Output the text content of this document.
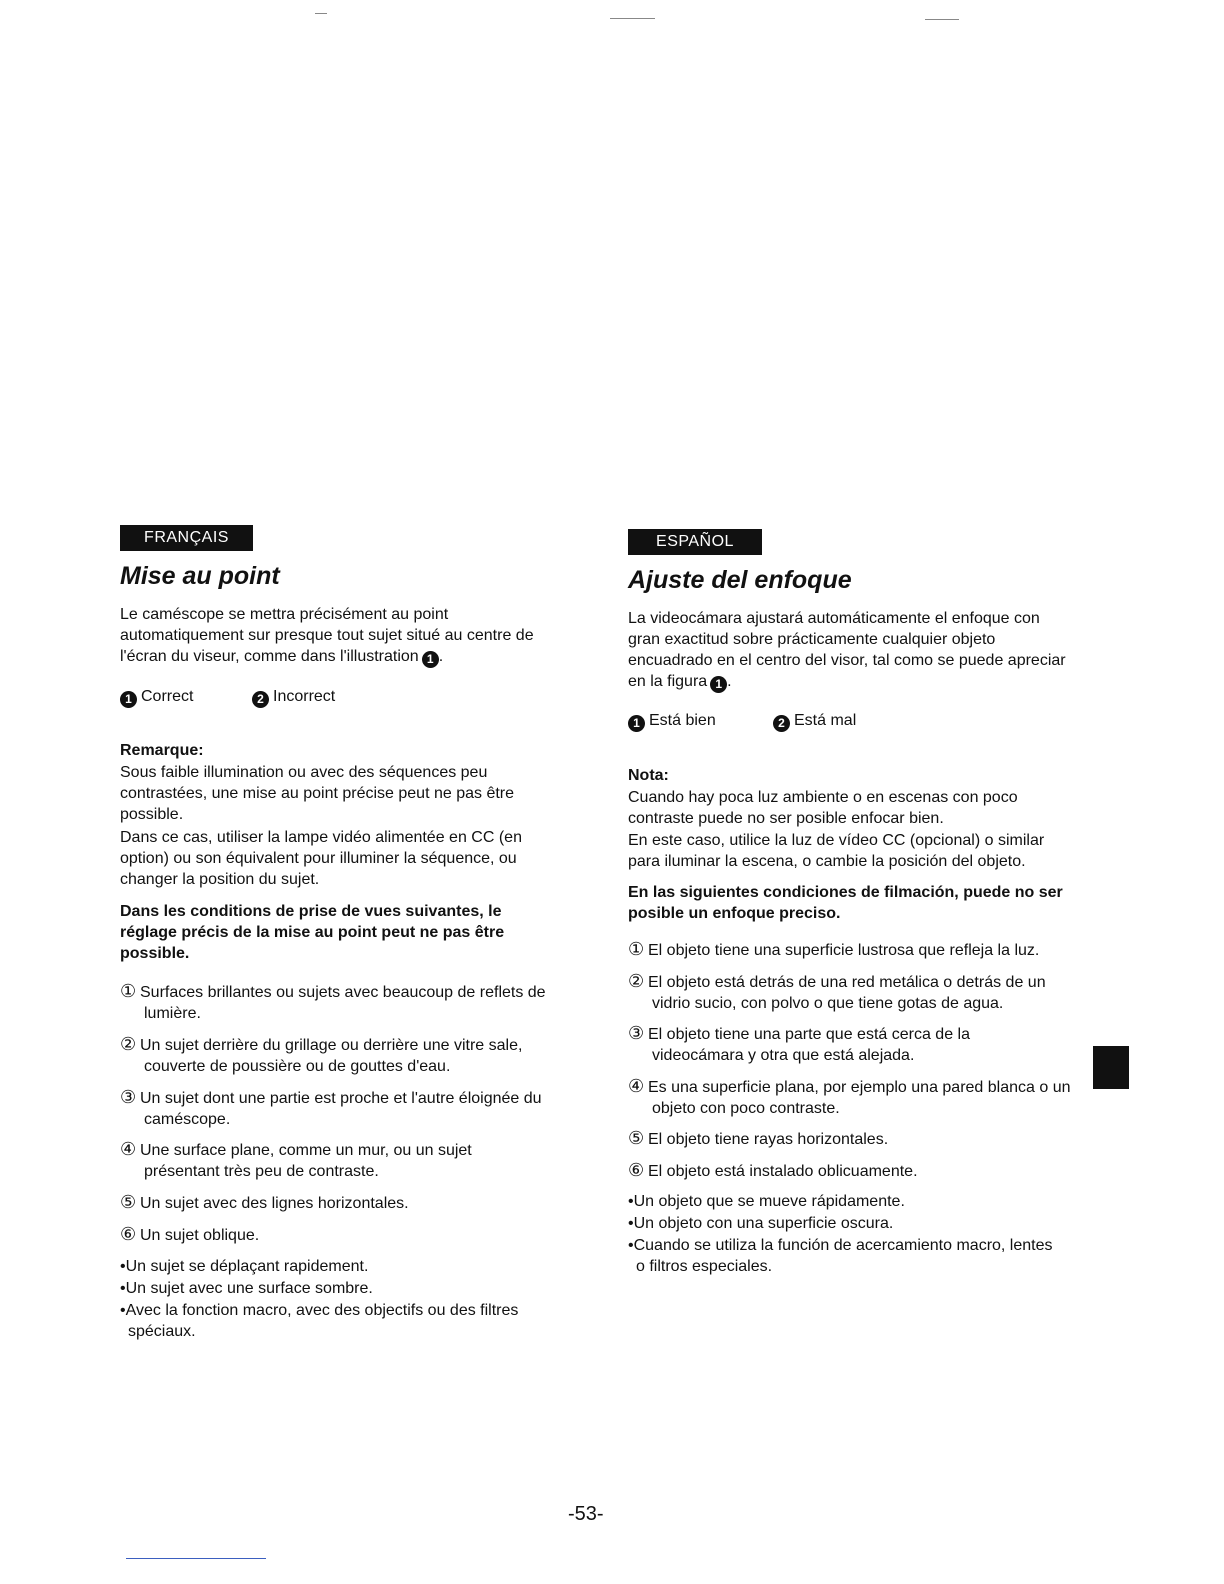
FRANÇAIS
Mise au point

Le caméscope se mettra précisément au point automatiquement sur presque tout sujet situé au centre de l'écran du viseur, comme dans l'illustration 1 .

1 Correct	2 Incorrect

Remarque:

Sous faible illumination ou avec des séquences peu contrastées, une mise au point précise peut ne pas être possible.

Dans ce cas, utiliser la lampe vidéo alimentée en CC (en option) ou son équivalent pour illuminer la séquence, ou changer la position du sujet.

Dans les conditions de prise de vues suivantes, le réglage précis de la mise au point peut ne pas être possible.

① Surfaces brillantes ou sujets avec beaucoup de reflets de lumière.

② Un sujet derrière du grillage ou derrière une vitre sale, couverte de poussière ou de gouttes d'eau.

③ Un sujet dont une partie est proche et l'autre éloignée du caméscope.

④ Une surface plane, comme un mur, ou un sujet présentant très peu de contraste.

⑤ Un sujet avec des lignes horizontales.

⑥ Un sujet oblique.

•Un sujet se déplaçant rapidement.

•Un sujet avec une surface sombre.

•Avec la fonction macro, avec des objectifs ou des filtres spéciaux.

ESPAÑOL
Ajuste del enfoque

La videocámara ajustará automáticamente el enfoque con gran exactitud sobre prácticamente cualquier objeto encuadrado en el centro del visor, tal como se puede apreciar en la figura 1 .

1 Está bien	2 Está mal

Nota:

Cuando hay poca luz ambiente o en escenas con poco contraste puede no ser posible enfocar bien.

En este caso, utilice la luz de vídeo CC (opcional) o similar para iluminar la escena, o cambie la posición del objeto.

En las siguientes condiciones de filmación, puede no ser posible un enfoque preciso.

① El objeto tiene una superficie lustrosa que refleja la luz.

② El objeto está detrás de una red metálica o detrás de un vidrio sucio, con polvo o que tiene gotas de agua.

③ El objeto tiene una parte que está cerca de la videocámara y otra que está alejada.

④ Es una superficie plana, por ejemplo una pared blanca o un objeto con poco contraste.

⑤ El objeto tiene rayas horizontales.

⑥ El objeto está instalado oblicuamente.

•Un objeto que se mueve rápidamente.

•Un objeto con una superficie oscura.

•Cuando se utiliza la función de acercamiento macro, lentes o filtros especiales.

-53-
